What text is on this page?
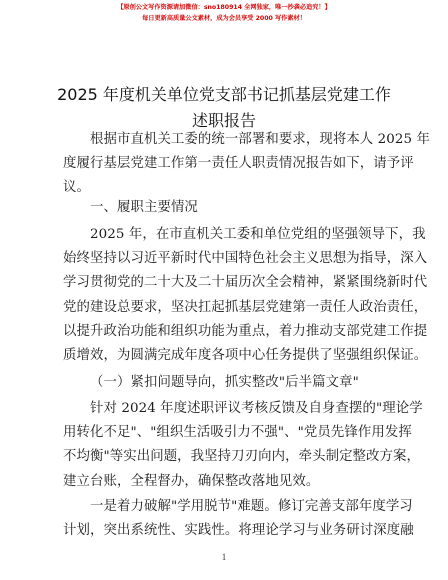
【原创公文写作资源请加微信：sno180914 全网独家，唯一抄袭必追究！】
每日更新高质量公文素材，成为会员享受 2000 写作素材！
2025 年度机关单位党支部书记抓基层党建工作
述职报告
根据市直机关工委的统一部署和要求，现将本人 2025 年
度履行基层党建工作第一责任人职责情况报告如下，请予评
议。
一、履职主要情况
2025 年，在市直机关工委和单位党组的坚强领导下，我
始终坚持以习近平新时代中国特色社会主义思想为指导，深入
学习贯彻党的二十大及二十届历次全会精神，紧紧围绕新时代
党的建设总要求，坚决扛起抓基层党建第一责任人政治责任，
以提升政治功能和组织功能为重点，着力推动支部党建工作提
质增效，为圆满完成年度各项中心任务提供了坚强组织保证。
（一）紧扣问题导向，抓实整改"后半篇文章"
针对 2024 年度述职评议考核反馈及自身查摆的"理论学
用转化不足"、"组织生活吸引力不强"、"党员先锋作用发挥
不均衡"等实出问题，我坚持刀刃向内，牵头制定整改方案，
建立台账，全程督办，确保整改落地见效。
一是着力破解"学用脱节"难题。修订完善支部年度学习
计划，突出系统性、实践性。将理论学习与业务研讨深度融
1
